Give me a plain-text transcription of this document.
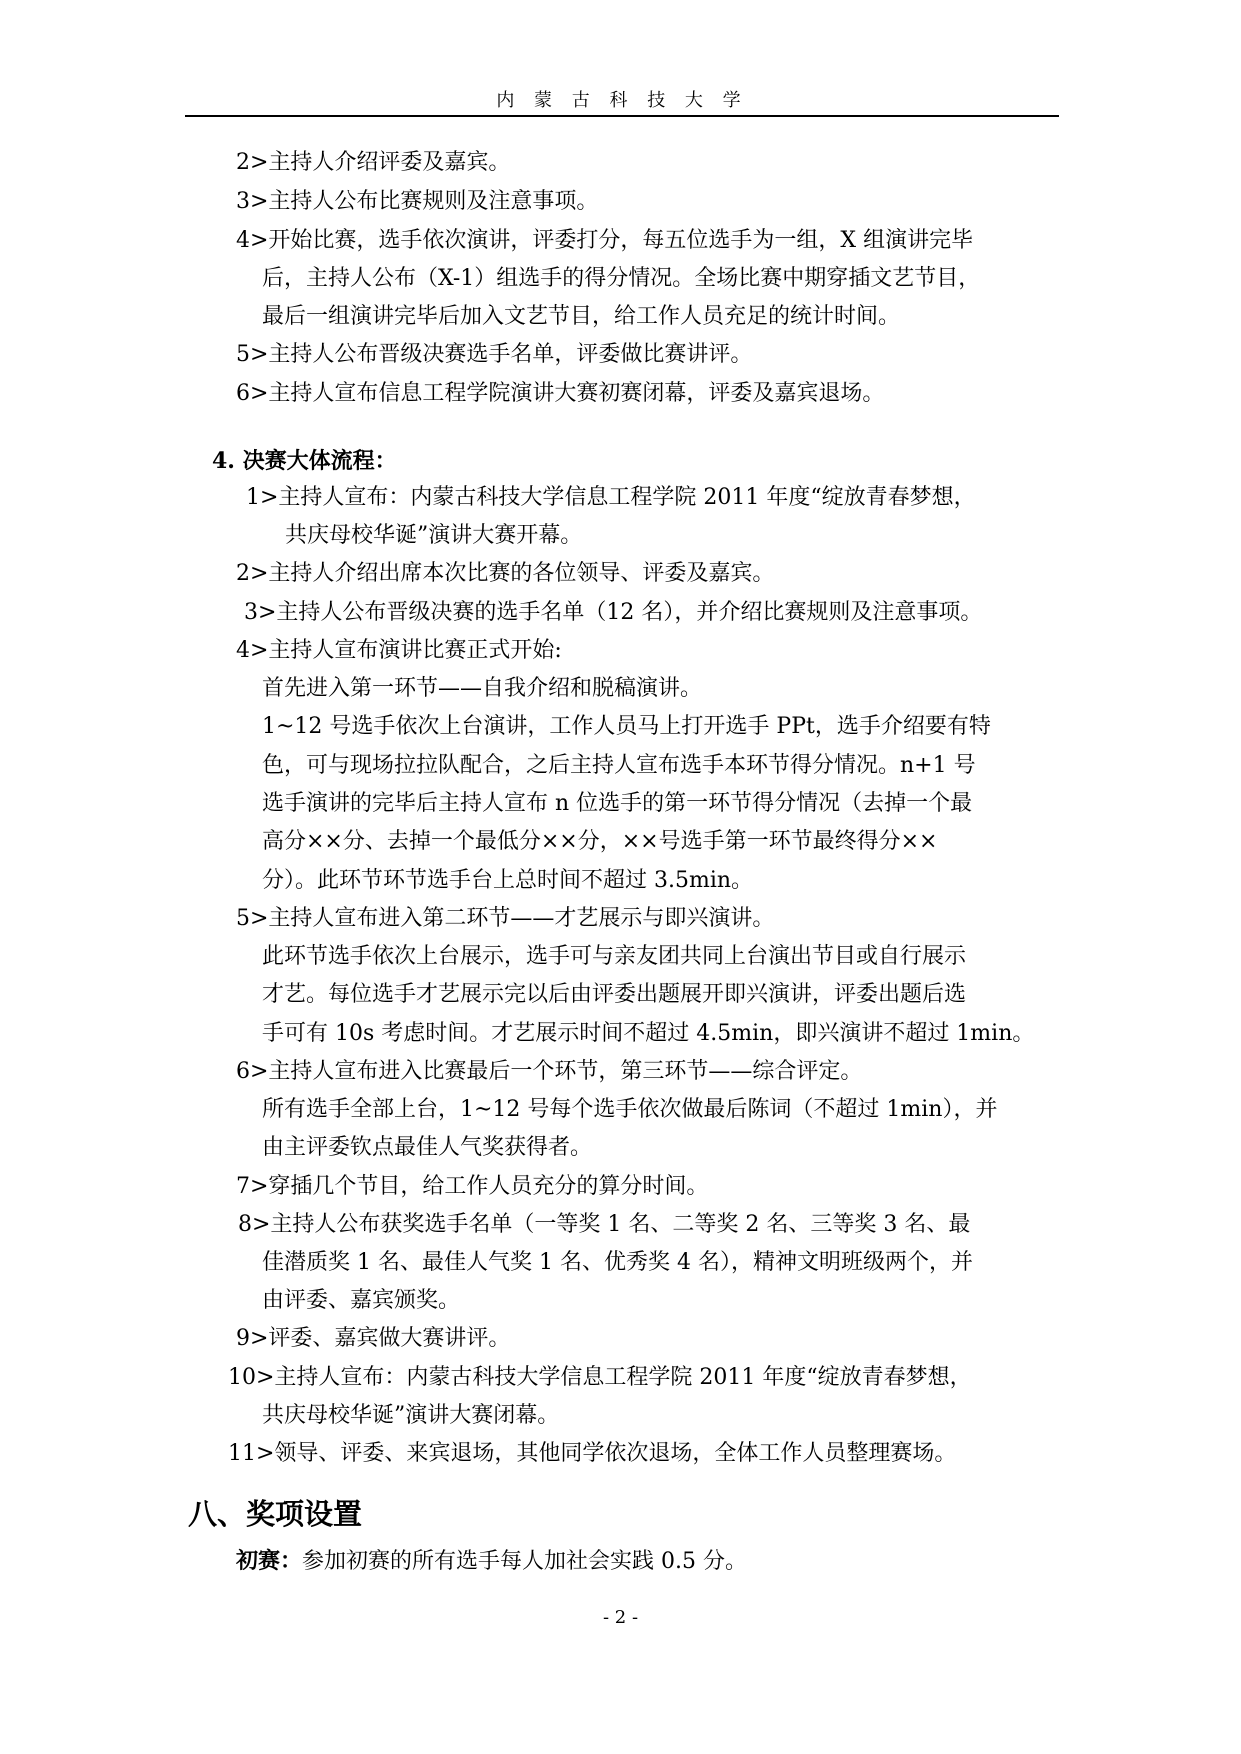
内 蒙 古 科 技 大 学
2>主持人介绍评委及嘉宾。
3>主持人公布比赛规则及注意事项。
4>开始比赛，选手依次演讲，评委打分，每五位选手为一组，X 组演讲完毕
后，主持人公布（X-1）组选手的得分情况。全场比赛中期穿插文艺节目，
最后一组演讲完毕后加入文艺节目，给工作人员充足的统计时间。
5>主持人公布晋级决赛选手名单，评委做比赛讲评。
6>主持人宣布信息工程学院演讲大赛初赛闭幕，评委及嘉宾退场。
4. 决赛大体流程：
1>主持人宣布：内蒙古科技大学信息工程学院 2011 年度“绽放青春梦想，
共庆母校华诞”演讲大赛开幕。
2>主持人介绍出席本次比赛的各位领导、评委及嘉宾。
3>主持人公布晋级决赛的选手名单（12 名），并介绍比赛规则及注意事项。
4>主持人宣布演讲比赛正式开始:
首先进入第一环节——自我介绍和脱稿演讲。
1~12 号选手依次上台演讲，工作人员马上打开选手 PPt，选手介绍要有特
色，可与现场拉拉队配合，之后主持人宣布选手本环节得分情况。n+1 号
选手演讲的完毕后主持人宣布 n 位选手的第一环节得分情况（去掉一个最
高分××分、去掉一个最低分××分，××号选手第一环节最终得分××
分）。此环节环节选手台上总时间不超过 3.5min。
5>主持人宣布进入第二环节——才艺展示与即兴演讲。
此环节选手依次上台展示，选手可与亲友团共同上台演出节目或自行展示
才艺。每位选手才艺展示完以后由评委出题展开即兴演讲，评委出题后选
手可有 10s 考虑时间。才艺展示时间不超过 4.5min，即兴演讲不超过 1min。
6>主持人宣布进入比赛最后一个环节，第三环节——综合评定。
所有选手全部上台，1~12 号每个选手依次做最后陈词（不超过 1min），并
由主评委钦点最佳人气奖获得者。
7>穿插几个节目，给工作人员充分的算分时间。
8>主持人公布获奖选手名单（一等奖 1 名、二等奖 2 名、三等奖 3 名、最
佳潜质奖 1 名、最佳人气奖 1 名、优秀奖 4 名），精神文明班级两个，并
由评委、嘉宾颁奖。
9>评委、嘉宾做大赛讲评。
10>主持人宣布：内蒙古科技大学信息工程学院 2011 年度“绽放青春梦想，
共庆母校华诞”演讲大赛闭幕。
11>领导、评委、来宾退场，其他同学依次退场，全体工作人员整理赛场。
八、奖项设置
初赛：参加初赛的所有选手每人加社会实践 0.5 分。
- 2 -
